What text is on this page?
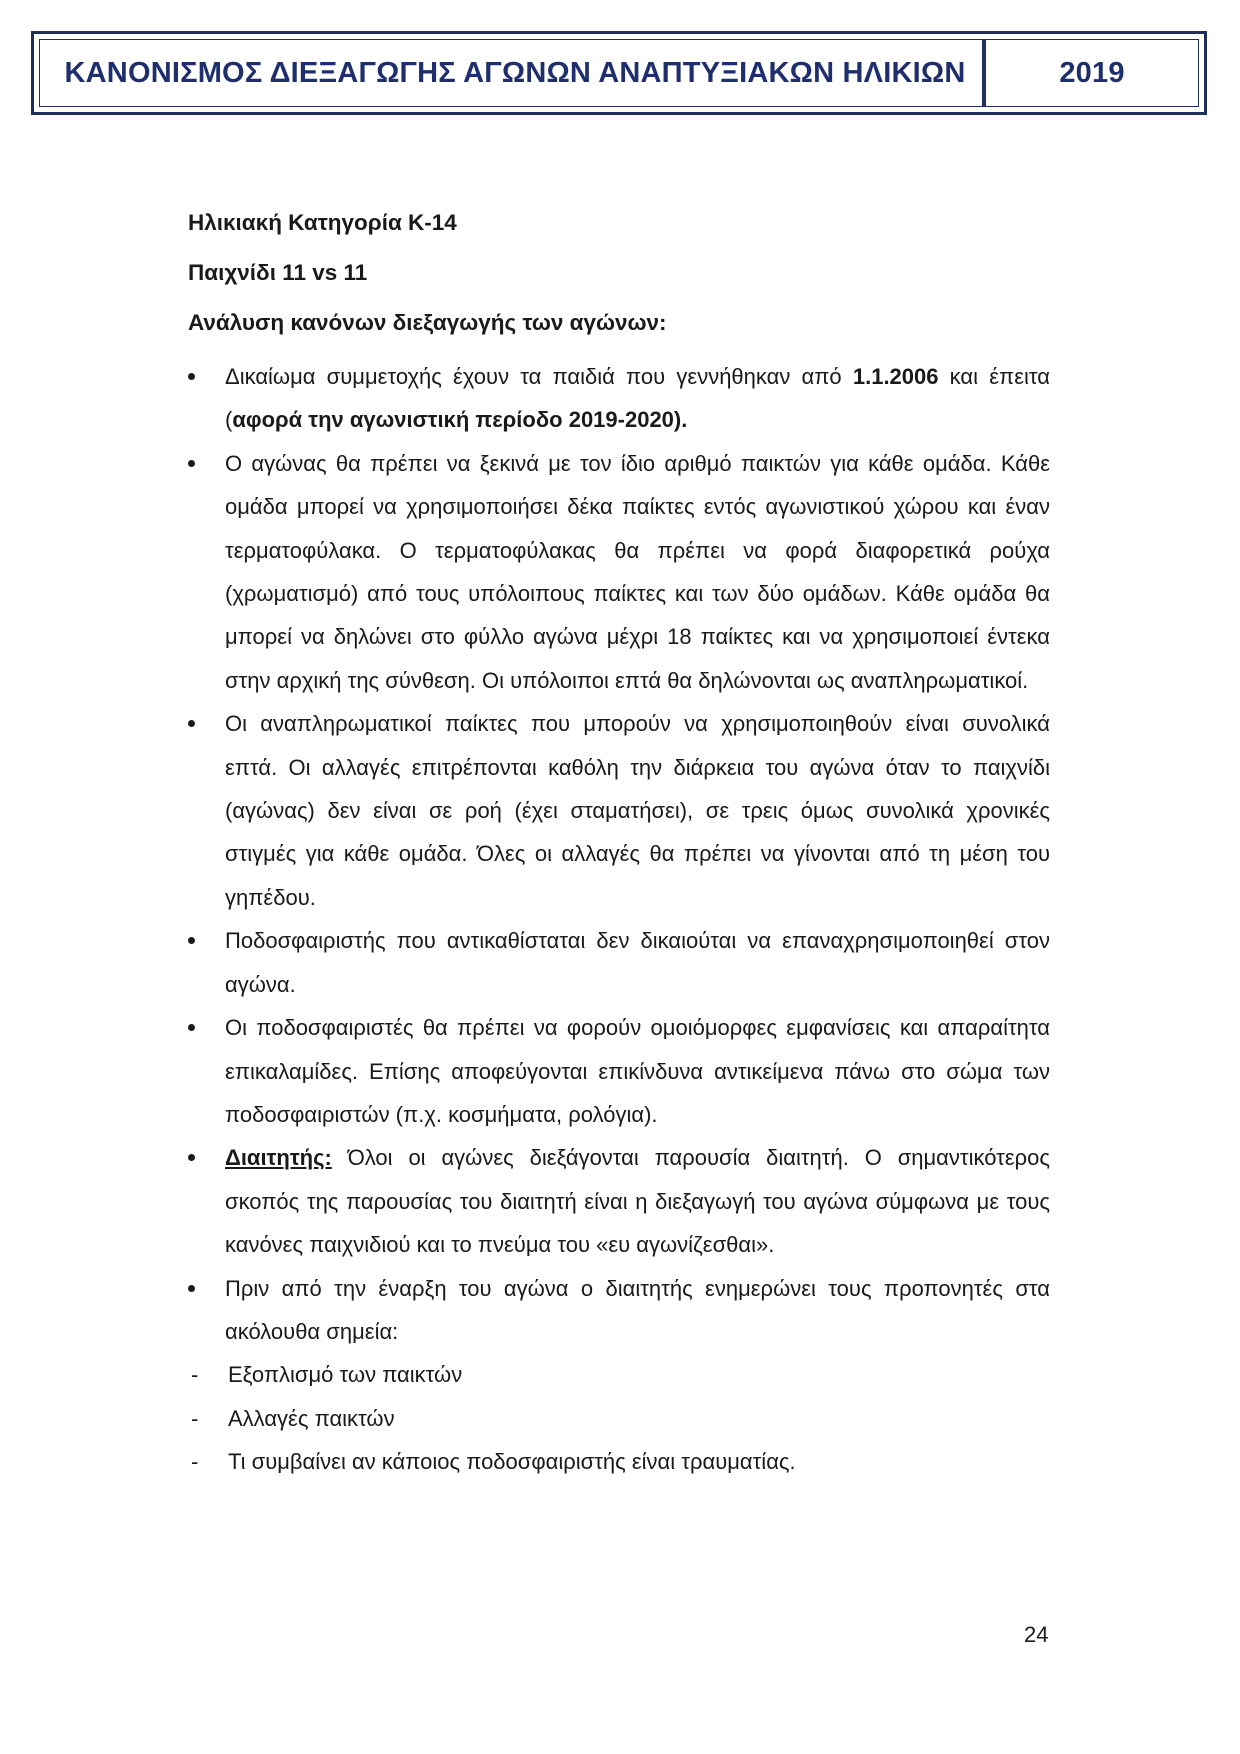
ΚΑΝΟΝΙΣΜΟΣ ΔΙΕΞΑΓΩΓΗΣ ΑΓΩΝΩΝ ΑΝΑΠΤΥΞΙΑΚΩΝ ΗΛΙΚΙΩΝ	2019

Ηλικιακή Κατηγορία Κ-14

Παιχνίδι 11 vs 11

Ανάλυση κανόνων διεξαγωγής των αγώνων:

Δικαίωμα συμμετοχής έχουν τα παιδιά που γεννήθηκαν από 1.1.2006 και έπειτα (αφορά την αγωνιστική περίοδο 2019-2020).
Ο αγώνας θα πρέπει να ξεκινά με τον ίδιο αριθμό παικτών για κάθε ομάδα. Κάθε ομάδα μπορεί να χρησιμοποιήσει δέκα παίκτες εντός αγωνιστικού χώρου και έναν τερματοφύλακα. Ο τερματοφύλακας θα πρέπει να φορά διαφορετικά ρούχα (χρωματισμό) από τους υπόλοιπους παίκτες και των δύο ομάδων. Κάθε ομάδα θα μπορεί να δηλώνει στο φύλλο αγώνα μέχρι 18 παίκτες και να χρησιμοποιεί έντεκα στην αρχική της σύνθεση. Οι υπόλοιποι επτά θα δηλώνονται ως αναπληρωματικοί.
Οι αναπληρωματικοί παίκτες που μπορούν να χρησιμοποιηθούν είναι συνολικά επτά. Οι αλλαγές επιτρέπονται καθόλη την διάρκεια του αγώνα όταν το παιχνίδι (αγώνας) δεν είναι σε ροή (έχει σταματήσει), σε τρεις όμως συνολικά χρονικές στιγμές για κάθε ομάδα. Όλες οι αλλαγές θα πρέπει να γίνονται από τη μέση του γηπέδου.
Ποδοσφαιριστής που αντικαθίσταται δεν δικαιούται να επαναχρησιμοποιηθεί στον αγώνα.
Οι ποδοσφαιριστές θα πρέπει να φορούν ομοιόμορφες εμφανίσεις και απαραίτητα επικαλαμίδες. Επίσης αποφεύγονται επικίνδυνα αντικείμενα πάνω στο σώμα των ποδοσφαιριστών (π.χ. κοσμήματα, ρολόγια).
Διαιτητής: Όλοι οι αγώνες διεξάγονται παρουσία διαιτητή. Ο σημαντικότερος σκοπός της παρουσίας του διαιτητή είναι η διεξαγωγή του αγώνα σύμφωνα με τους κανόνες παιχνιδιού και το πνεύμα του «ευ αγωνίζεσθαι».
Πριν από την έναρξη του αγώνα ο διαιτητής ενημερώνει τους προπονητές στα ακόλουθα σημεία:
- Εξοπλισμό των παικτών
- Αλλαγές παικτών
- Τι συμβαίνει αν κάποιος ποδοσφαιριστής είναι τραυματίας.
24
